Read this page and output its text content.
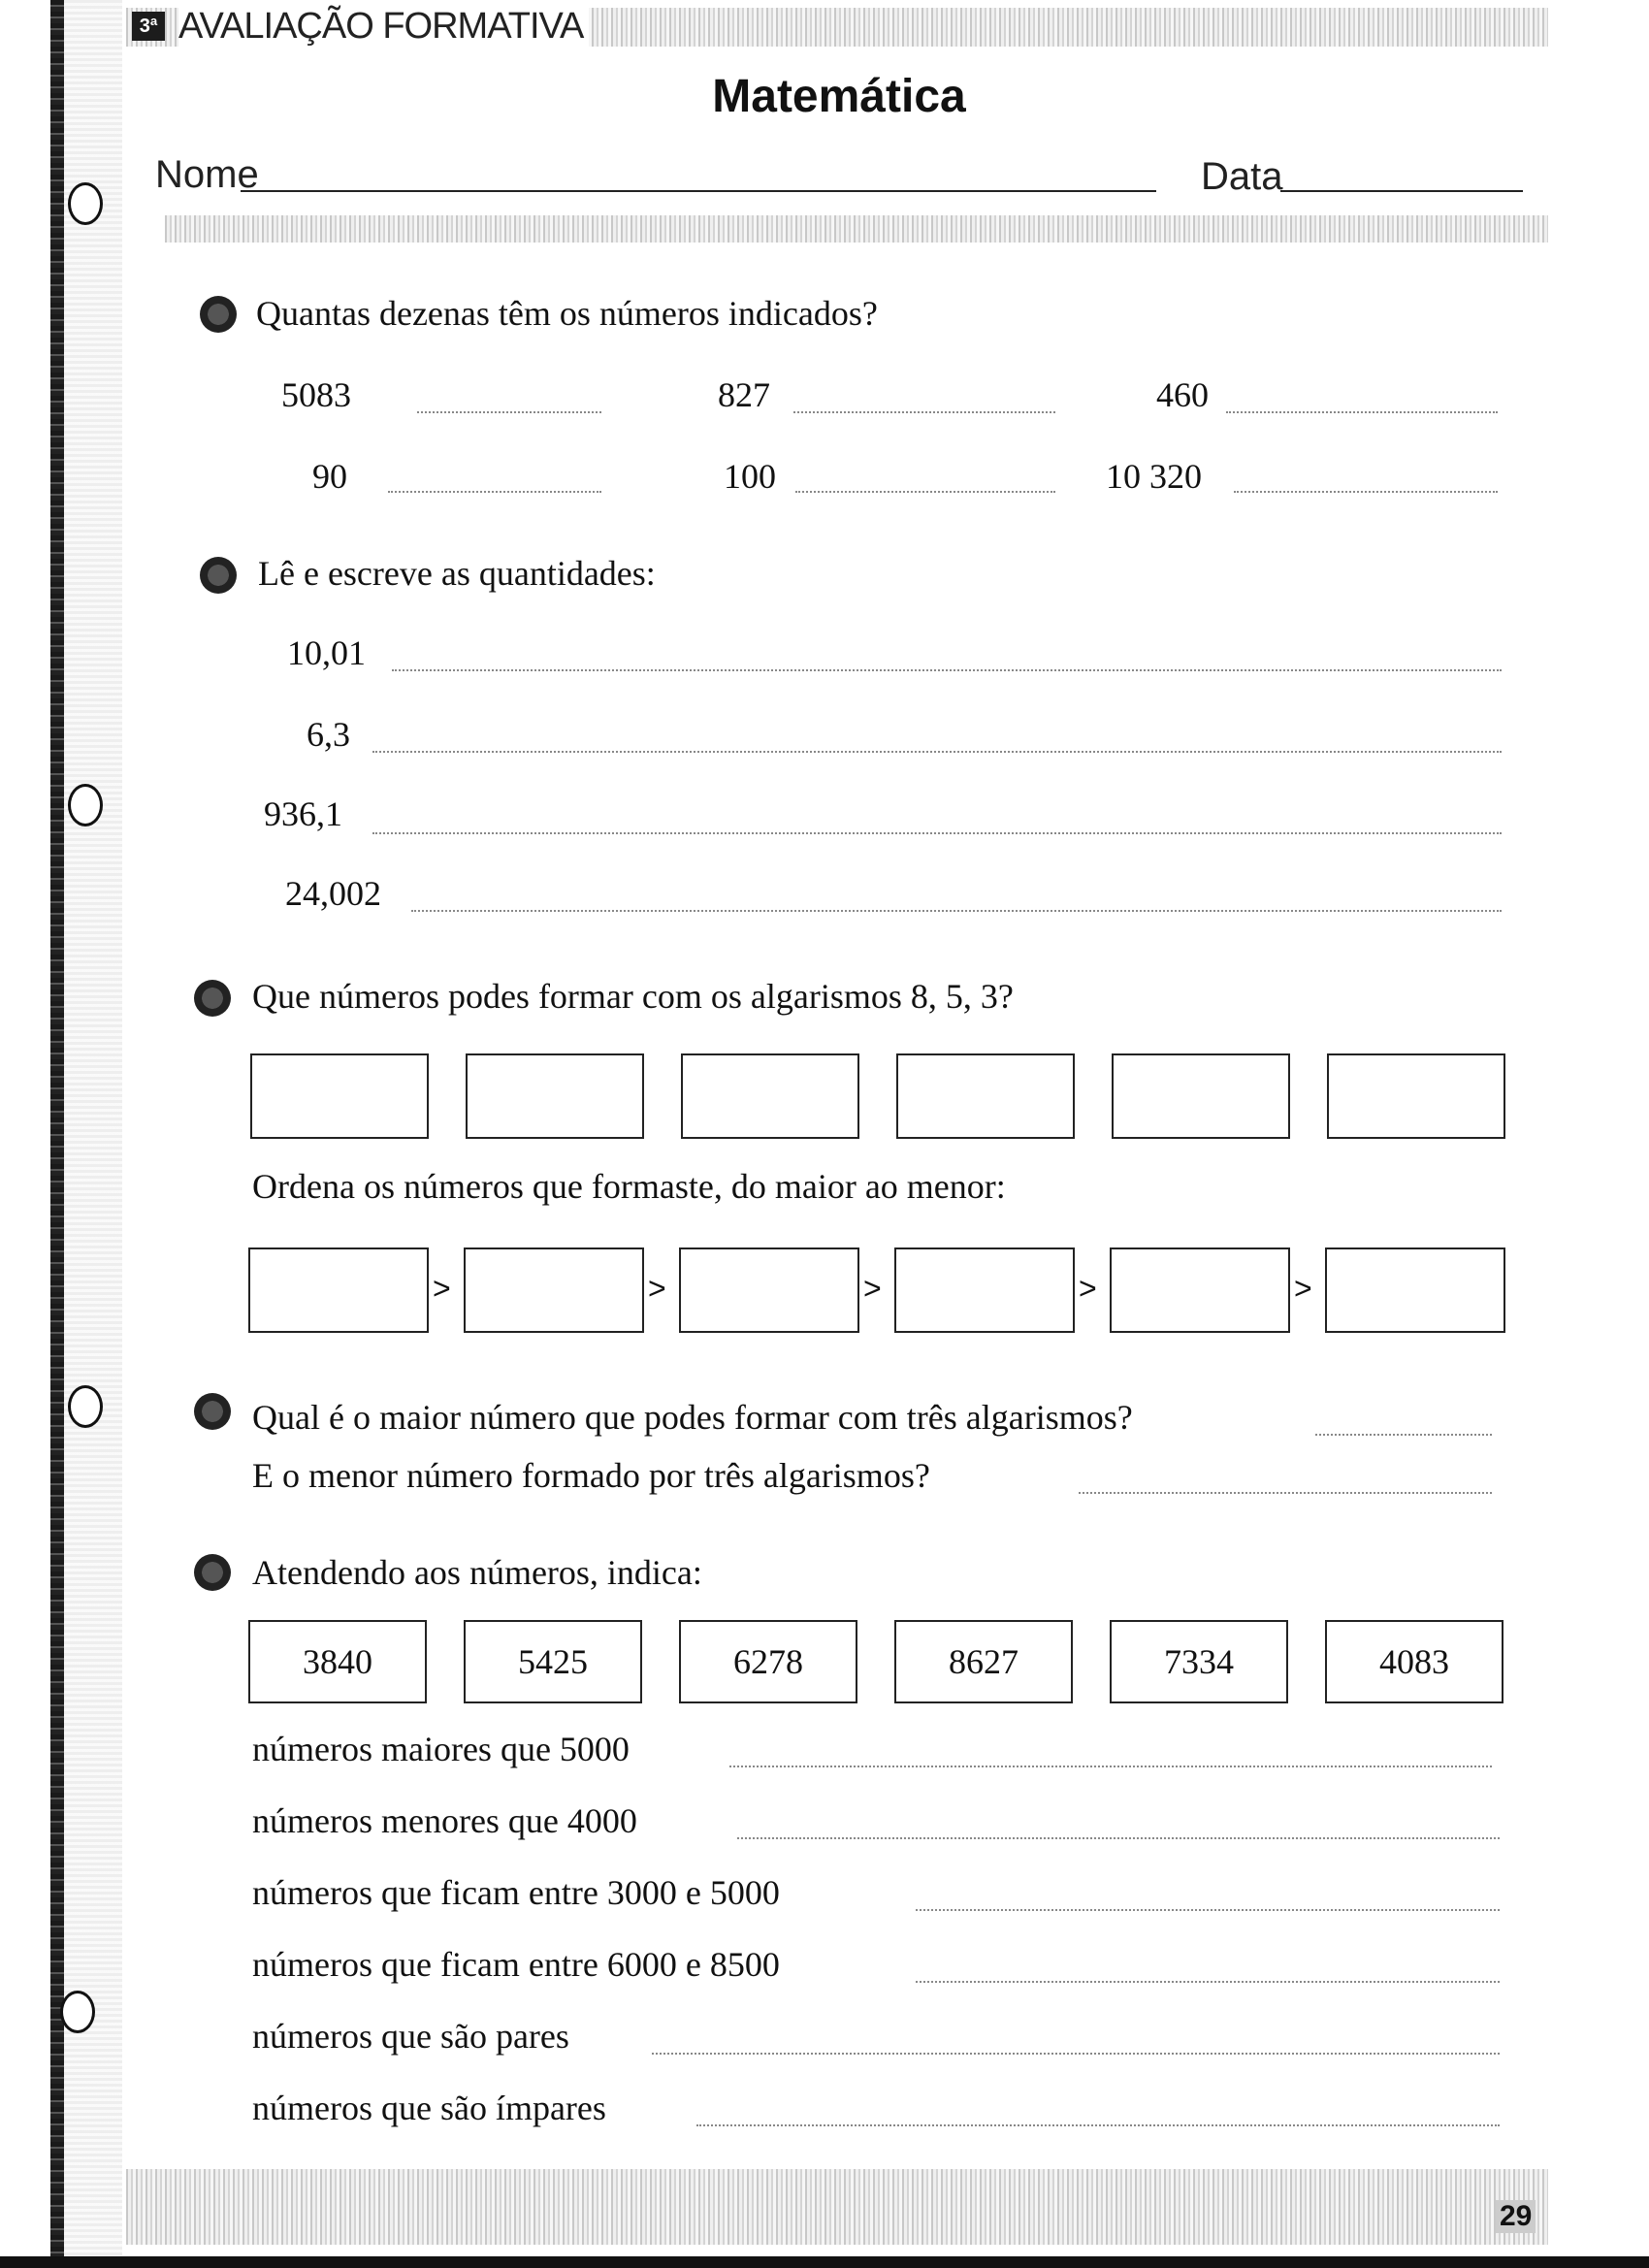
3ª AVALIAÇÃO FORMATIVA
Matemática
Nome	Data
Quantas dezenas têm os números indicados?
5083	827	460
90	100	10 320
Lê e escreve as quantidades:
10,01
6,3
936,1
24,002
Que números podes formar com os algarismos 8, 5, 3?
Ordena os números que formaste, do maior ao menor:
>	>	>	>	>
Qual é o maior número que podes formar com três algarismos?
E o menor número formado por três algarismos?
Atendendo aos números, indica:
3840	5425	6278	8627	7334	4083
números maiores que 5000
números menores que 4000
números que ficam entre 3000 e 5000
números que ficam entre 6000 e 8500
números que são pares
números que são ímpares
29
